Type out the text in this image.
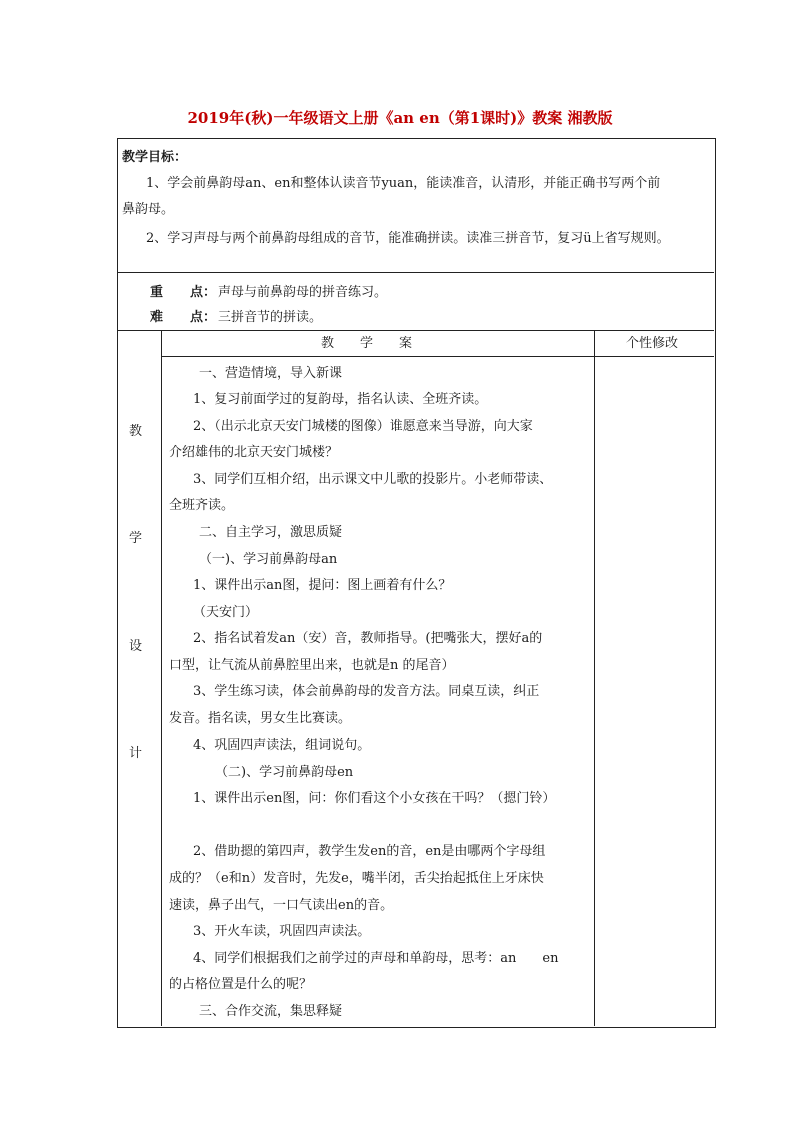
2019年(秋)一年级语文上册《an en（第1课时)》教案 湘教版
教学目标：
1、学会前鼻韵母an、en和整体认读音节yuan，能读准音，认清形，并能正确书写两个前
鼻韵母。
2、学习声母与两个前鼻韵母组成的音节，能准确拼读。读准三拼音节，复习ü上省写规则。
重 点： 声母与前鼻韵母的拼音练习。
难 点： 三拼音节的拼读。
教
学
设
计
教　　学　　案	个性修改
一、营造情境，导入新课
1、复习前面学过的复韵母，指名认读、全班齐读。
2、（出示北京天安门城楼的图像）谁愿意来当导游，向大家
介绍雄伟的北京天安门城楼？
3、同学们互相介绍，出示课文中儿歌的投影片。小老师带读、
全班齐读。
二、自主学习，激思质疑
（一)、学习前鼻韵母an
1、课件出示an图，提问：图上画着有什么？
（天安门）
2、指名试着发an（安）音，教师指导。(把嘴张大，摆好a的
口型，让气流从前鼻腔里出来，也就是n 的尾音）
3、学生练习读，体会前鼻韵母的发音方法。同桌互读，纠正
发音。指名读，男女生比赛读。
4、巩固四声读法，组词说句。
（二)、学习前鼻韵母en
1、课件出示en图，问：你们看这个小女孩在干吗？（摁门铃）
2、借助摁的第四声，教学生发en的音，en是由哪两个字母组
成的？（e和n）发音时，先发e，嘴半闭，舌尖抬起抵住上牙床快
速读，鼻子出气，一口气读出en的音。
3、开火车读，巩固四声读法。
4、同学们根据我们之前学过的声母和单韵母，思考：an　　en
的占格位置是什么的呢？
三、合作交流，集思释疑
